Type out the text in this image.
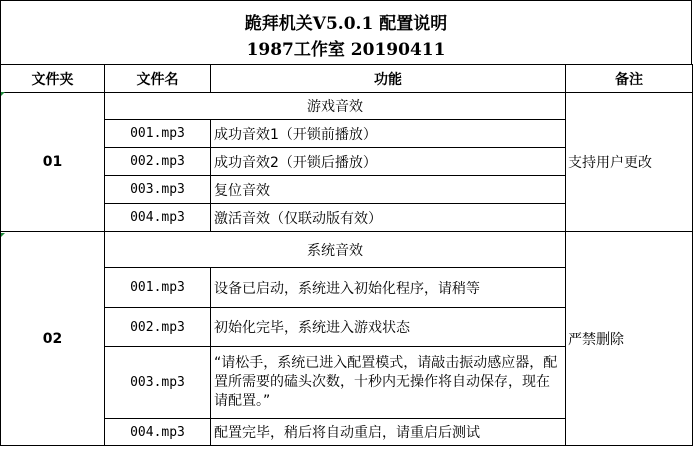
跪拜机关V5.0.1 配置说明
1987工作室 20190411
文件夹	文件名	功能	备注
01	游戏音效		支持用户更改
	001.mp3	成功音效1（开锁前播放）	
	002.mp3	成功音效2（开锁后播放）	
	003.mp3	复位音效	
	004.mp3	激活音效（仅联动版有效）	
02	系统音效		严禁删除
	001.mp3	设备已启动，系统进入初始化程序，请稍等	
	002.mp3	初始化完毕，系统进入游戏状态	
	003.mp3	“请松手，系统已进入配置模式，请敲击振动感应器，配置所需要的磕头次数，十秒内无操作将自动保存，现在请配置。”	
	004.mp3	配置完毕，稍后将自动重启，请重启后测试	
